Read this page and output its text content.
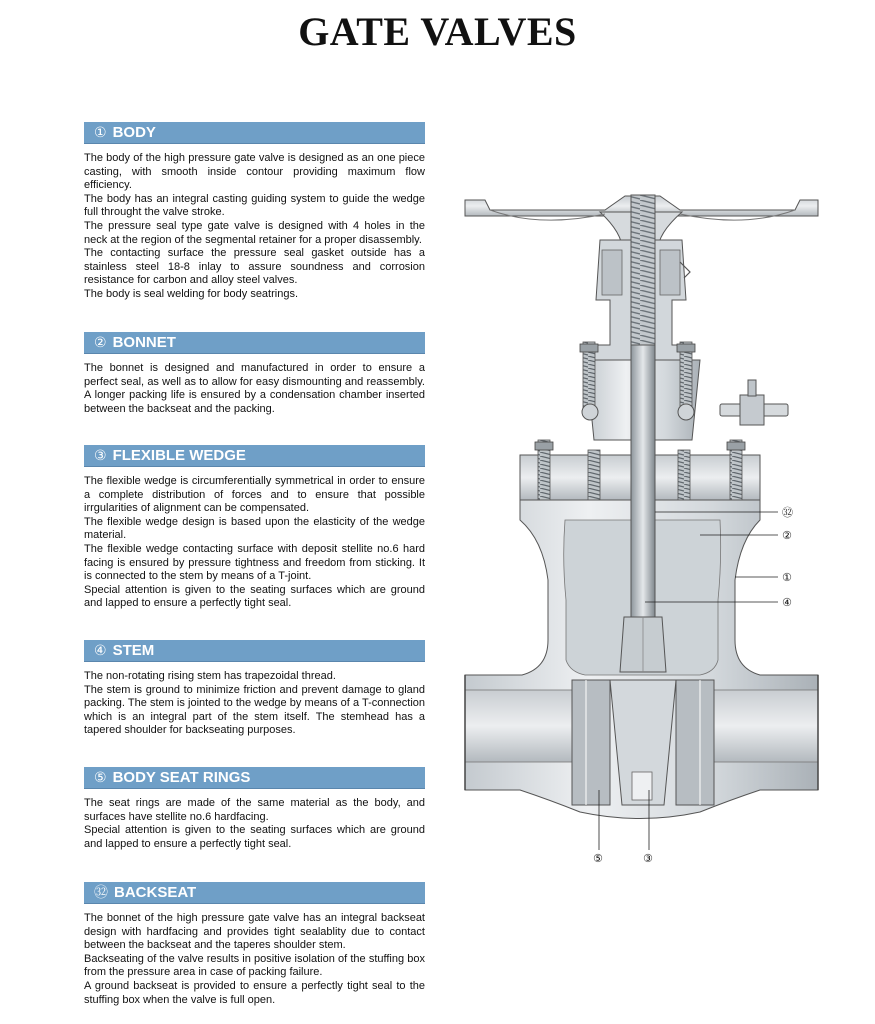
GATE VALVES
① BODY

The body of the high pressure gate valve is designed as an one piece casting, with smooth inside contour providing maximum flow efficiency.

The body has an integral casting guiding system to guide the wedge full throught the valve stroke.

The pressure seal type gate valve is designed with 4 holes in the neck at the region of the segmental retainer for a proper disassembly.

The contacting surface the pressure seal gasket outside has a stainless steel 18-8 inlay to assure soundness and corrosion resistance for carbon and alloy steel valves.

The body is seal welding for body seatrings.

② BONNET

The bonnet is designed and manufactured in order to ensure a perfect seal, as well as to allow for easy dismounting and reassembly. A longer packing life is ensured by a condensation chamber inserted between the backseat and the packing.

③ FLEXIBLE WEDGE

The flexible wedge is circumferentially symmetrical in order to ensure a complete distribution of forces and to ensure that possible irrgularities of alignment can be compensated.

The flexible wedge design is based upon the elasticity of the wedge material.

The flexible wedge contacting surface with deposit stellite no.6 hard facing is ensured by pressure tightness and freedom from sticking. It is connected to the stem by means of a T-joint.

Special attention is given to the seating surfaces which are ground and lapped to ensure a perfectly tight seal.

④ STEM

The non-rotating rising stem has trapezoidal thread.

The stem is ground to minimize friction and prevent damage to gland packing. The stem is jointed to the wedge by means of a T-connection which is an integral part of the stem itself. The stemhead has a tapered shoulder for backseating purposes.

⑤ BODY SEAT RINGS

The seat rings are made of the same material as the body, and surfaces have stellite no.6 hardfacing.

Special attention is given to the seating surfaces which are ground and lapped to ensure a perfectly tight seal.

㉜ BACKSEAT

The bonnet of the high pressure gate valve has an integral backseat design with hardfacing and provides tight sealablity due to contact between the backseat and the taperes shoulder stem.

Backseating of the valve results in positive isolation of the stuffing box from the pressure area in case of packing failure.

A ground backseat is provided to ensure a perfectly tight seal to the stuffing box when the valve is full open.

㉜
②
①
④
⑤	③
